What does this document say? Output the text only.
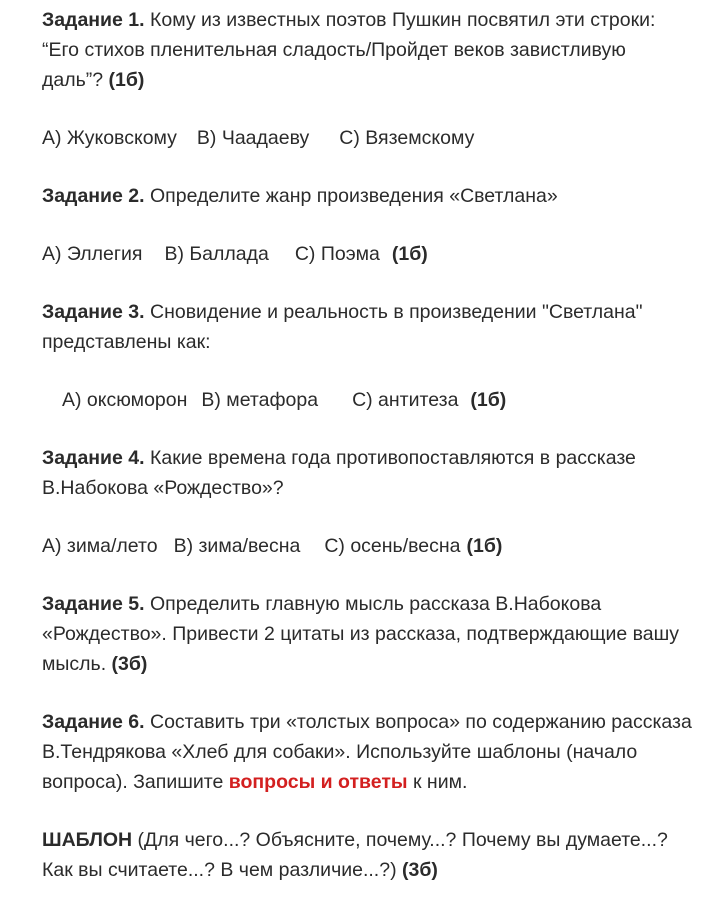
Задание 1. Кому из известных поэтов Пушкин посвятил эти строки: “Его стихов пленительная сладость/Пройдет веков завистливую даль”? (1б)

А) Жуковскому В) Чаадаеву С) Вяземскому

Задание 2. Определите жанр произведения «Светлана»

А) Эллегия В) Баллада С) Поэма (1б)

Задание 3. Сновидение и реальность в произведении "Светлана" представлены как:

А) оксюморон В) метафора С) антитеза (1б)

Задание 4. Какие времена года противопоставляются в рассказе В.Набокова «Рождество»?

А) зима/лето В) зима/весна С) осень/весна (1б)

Задание 5. Определить главную мысль рассказа В.Набокова «Рождество». Привести 2 цитаты из рассказа, подтверждающие вашу мысль. (3б)

Задание 6. Составить три «толстых вопроса» по содержанию рассказа В.Тендрякова «Хлеб для собаки». Используйте шаблоны (начало вопроса). Запишите вопросы и ответы к ним.

ШАБЛОН (Для чего...? Объясните, почему...? Почему вы думаете...? Как вы считаете...? В чем различие...?) (3б)
